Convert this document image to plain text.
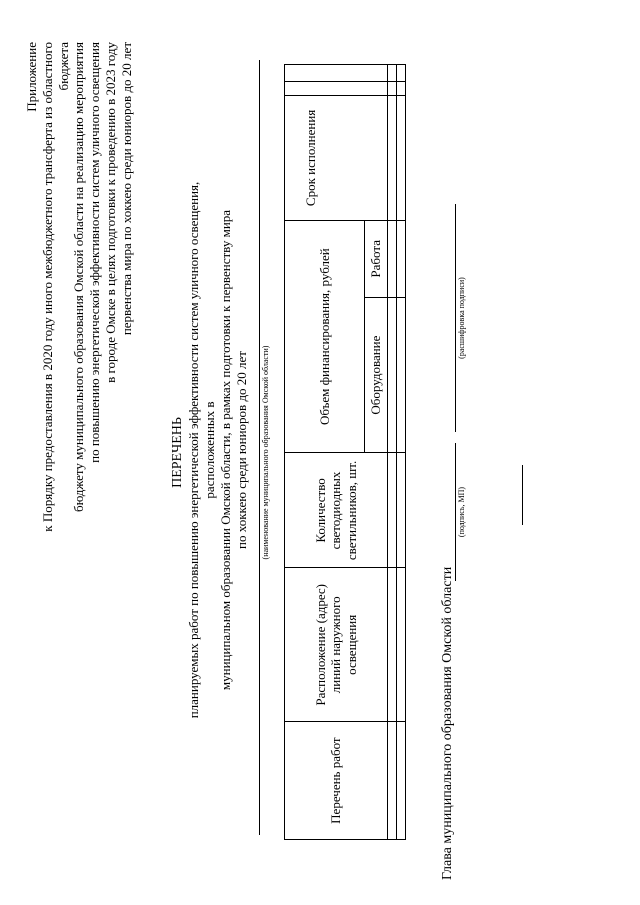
Приложение к Порядку предоставления в 2020 году иного межбюджетного трансферта из областного бюджета бюджету муниципального образования Омской области на реализацию мероприятия по повышению энергетической эффективности систем уличного освещения в городе Омске в целях подготовки к проведению в 2023 году первенства мира по хоккею среди юниоров до 20 лет
ПЕРЕЧЕНЬ планируемых работ по повышению энергетической эффективности систем уличного освещения, расположенных в муниципальном образовании Омской области, в рамках подготовки к первенству мира по хоккею среди юниоров до 20 лет (наименование муниципального образования Омской области)
Перечень работ	Расположение (адрес) линий наружного освещения	Количество светодиодных светильников, шт.	Объем финансирования, рублей		Срок исполнения		
			Оборудование	Работа			

Глава муниципального образования Омской области
(подпись, МП)
(расшифровка подписи)
